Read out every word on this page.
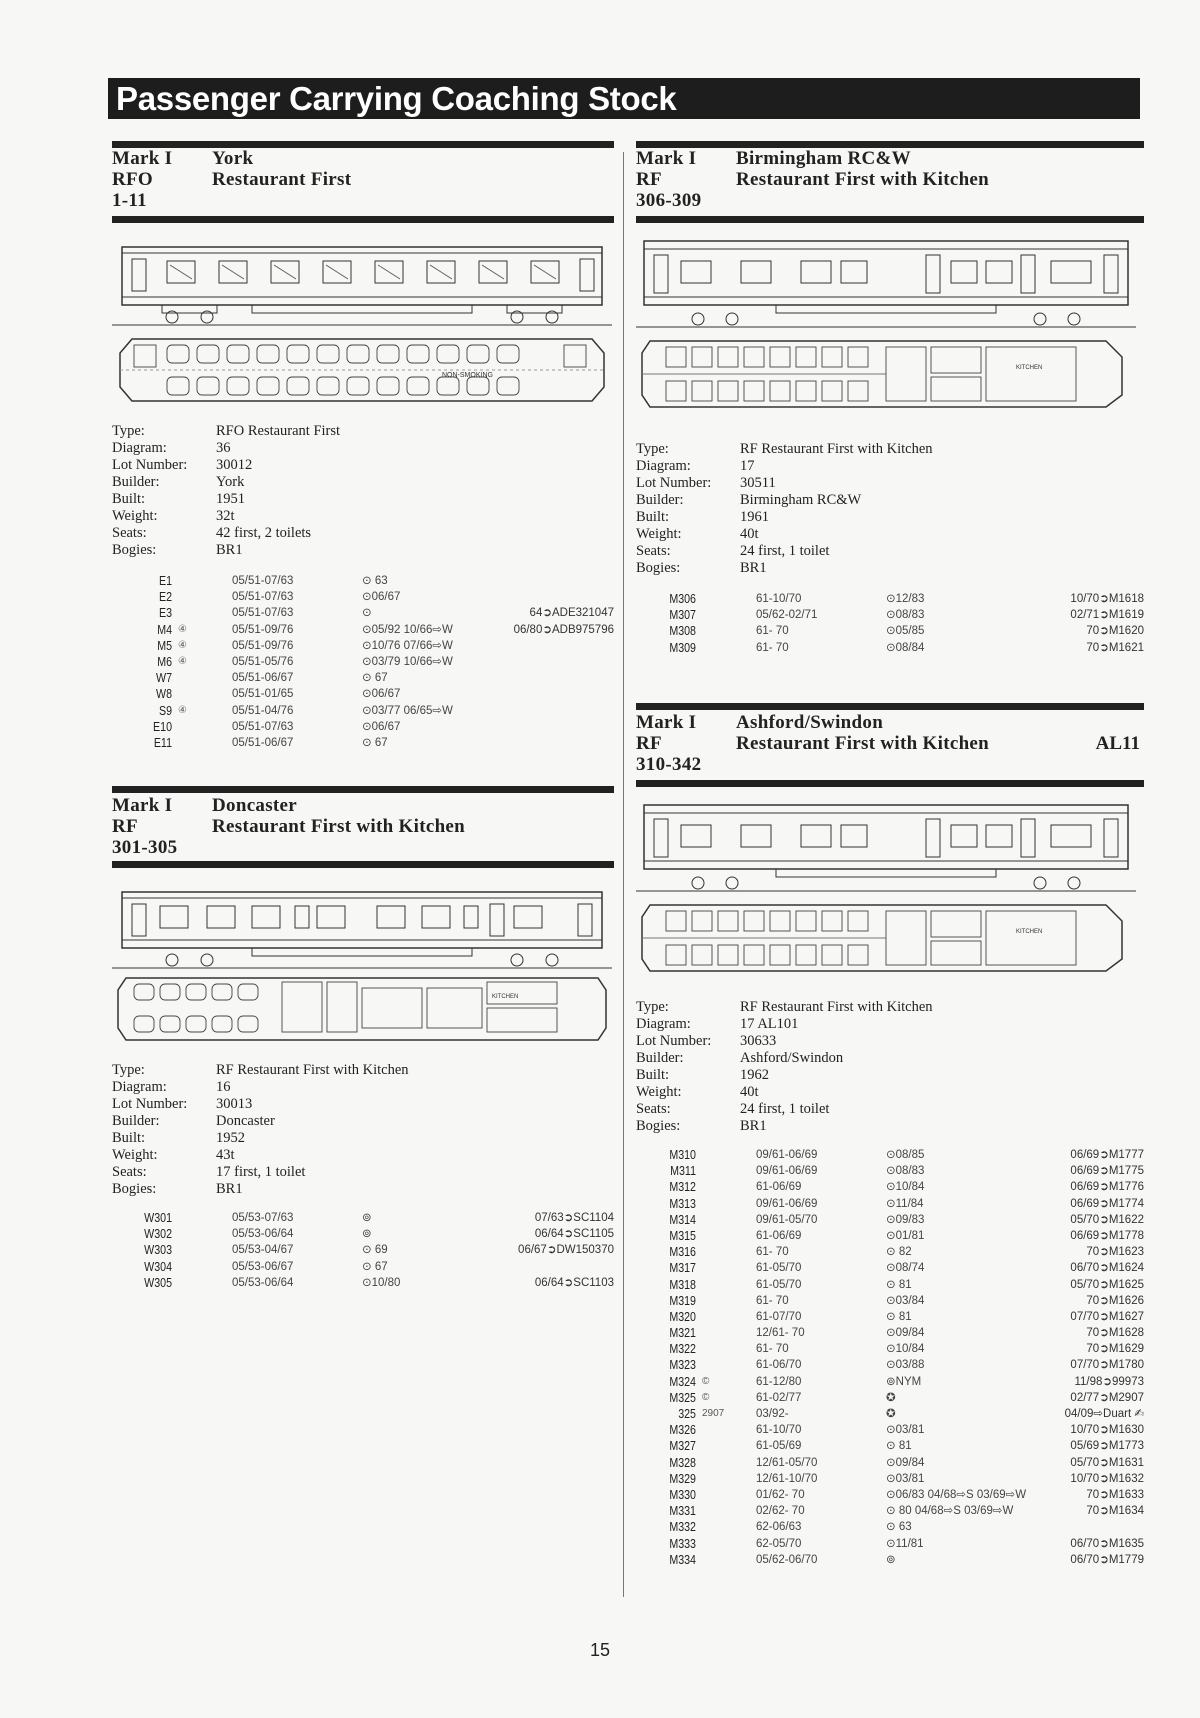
Passenger Carrying Coaching Stock
Mark I
RFO
1-11
York
Restaurant First
NON-SMOKING
Type:	RFO Restaurant First
Diagram:	36
Lot Number:	30012
Builder:	York
Built:	1951
Weight:	32t
Seats:	42 first, 2 toilets
Bogies:	BR1
E1	05/51-07/63	⊙ 63
E2	05/51-07/63	⊙06/67
E3	05/51-07/63	⊙	64➲ADE321047
M4 ④	05/51-09/76	⊙05/92 10/66⇨W	06/80➲ADB975796
M5 ④	05/51-09/76	⊙10/76 07/66⇨W
M6 ④	05/51-05/76	⊙03/79 10/66⇨W
W7	05/51-06/67	⊙ 67
W8	05/51-01/65	⊙06/67
S9 ④	05/51-04/76	⊙03/77 06/65⇨W
E10	05/51-07/63	⊙06/67
E11	05/51-06/67	⊙ 67
Mark I
RF
301-305
Doncaster
Restaurant First with Kitchen
KITCHEN
Type:	RF Restaurant First with Kitchen
Diagram:	16
Lot Number:	30013
Builder:	Doncaster
Built:	1952
Weight:	43t
Seats:	17 first, 1 toilet
Bogies:	BR1
W301	05/53-07/63	⊚	07/63➲SC1104
W302	05/53-06/64	⊚	06/64➲SC1105
W303	05/53-04/67	⊙ 69	06/67➲DW150370
W304	05/53-06/67	⊙ 67
W305	05/53-06/64	⊙10/80	06/64➲SC1103
Mark I
RF
306-309
Birmingham RC&W
Restaurant First with Kitchen
KITCHEN
Type:	RF Restaurant First with Kitchen
Diagram:	17
Lot Number:	30511
Builder:	Birmingham RC&W
Built:	1961
Weight:	40t
Seats:	24 first, 1 toilet
Bogies:	BR1
M306	61-10/70	⊙12/83	10/70➲M1618
M307	05/62-02/71	⊙08/83	02/71➲M1619
M308	61- 70	⊙05/85	70➲M1620
M309	61- 70	⊙08/84	70➲M1621
Mark I
RF
310-342
Ashford/Swindon
Restaurant First with Kitchen	AL11
KITCHEN
Type:	RF Restaurant First with Kitchen
Diagram:	17 AL101
Lot Number:	30633
Builder:	Ashford/Swindon
Built:	1962
Weight:	40t
Seats:	24 first, 1 toilet
Bogies:	BR1
M310	09/61-06/69	⊙08/85	06/69➲M1777
M311	09/61-06/69	⊙08/83	06/69➲M1775
M312	61-06/69	⊙10/84	06/69➲M1776
M313	09/61-06/69	⊙11/84	06/69➲M1774
M314	09/61-05/70	⊙09/83	05/70➲M1622
M315	61-06/69	⊙01/81	06/69➲M1778
M316	61- 70	⊙ 82	70➲M1623
M317	61-05/70	⊙08/74	06/70➲M1624
M318	61-05/70	⊙ 81	05/70➲M1625
M319	61- 70	⊙03/84	70➲M1626
M320	61-07/70	⊙ 81	07/70➲M1627
M321	12/61- 70	⊙09/84	70➲M1628
M322	61- 70	⊙10/84	70➲M1629
M323	61-06/70	⊙03/88	07/70➲M1780
M324 ©	61-12/80	⊚NYM	11/98➲99973
M325 ©	61-02/77	✪	02/77➲M2907
325 2907	03/92-	✪	04/09⇨Duart ✍
M326	61-10/70	⊙03/81	10/70➲M1630
M327	61-05/69	⊙ 81	05/69➲M1773
M328	12/61-05/70	⊙09/84	05/70➲M1631
M329	12/61-10/70	⊙03/81	10/70➲M1632
M330	01/62- 70	⊙06/83 04/68⇨S 03/69⇨W	70➲M1633
M331	02/62- 70	⊙ 80 04/68⇨S 03/69⇨W	70➲M1634
M332	62-06/63	⊙ 63
M333	62-05/70	⊙11/81	06/70➲M1635
M334	05/62-06/70	⊚	06/70➲M1779
15
